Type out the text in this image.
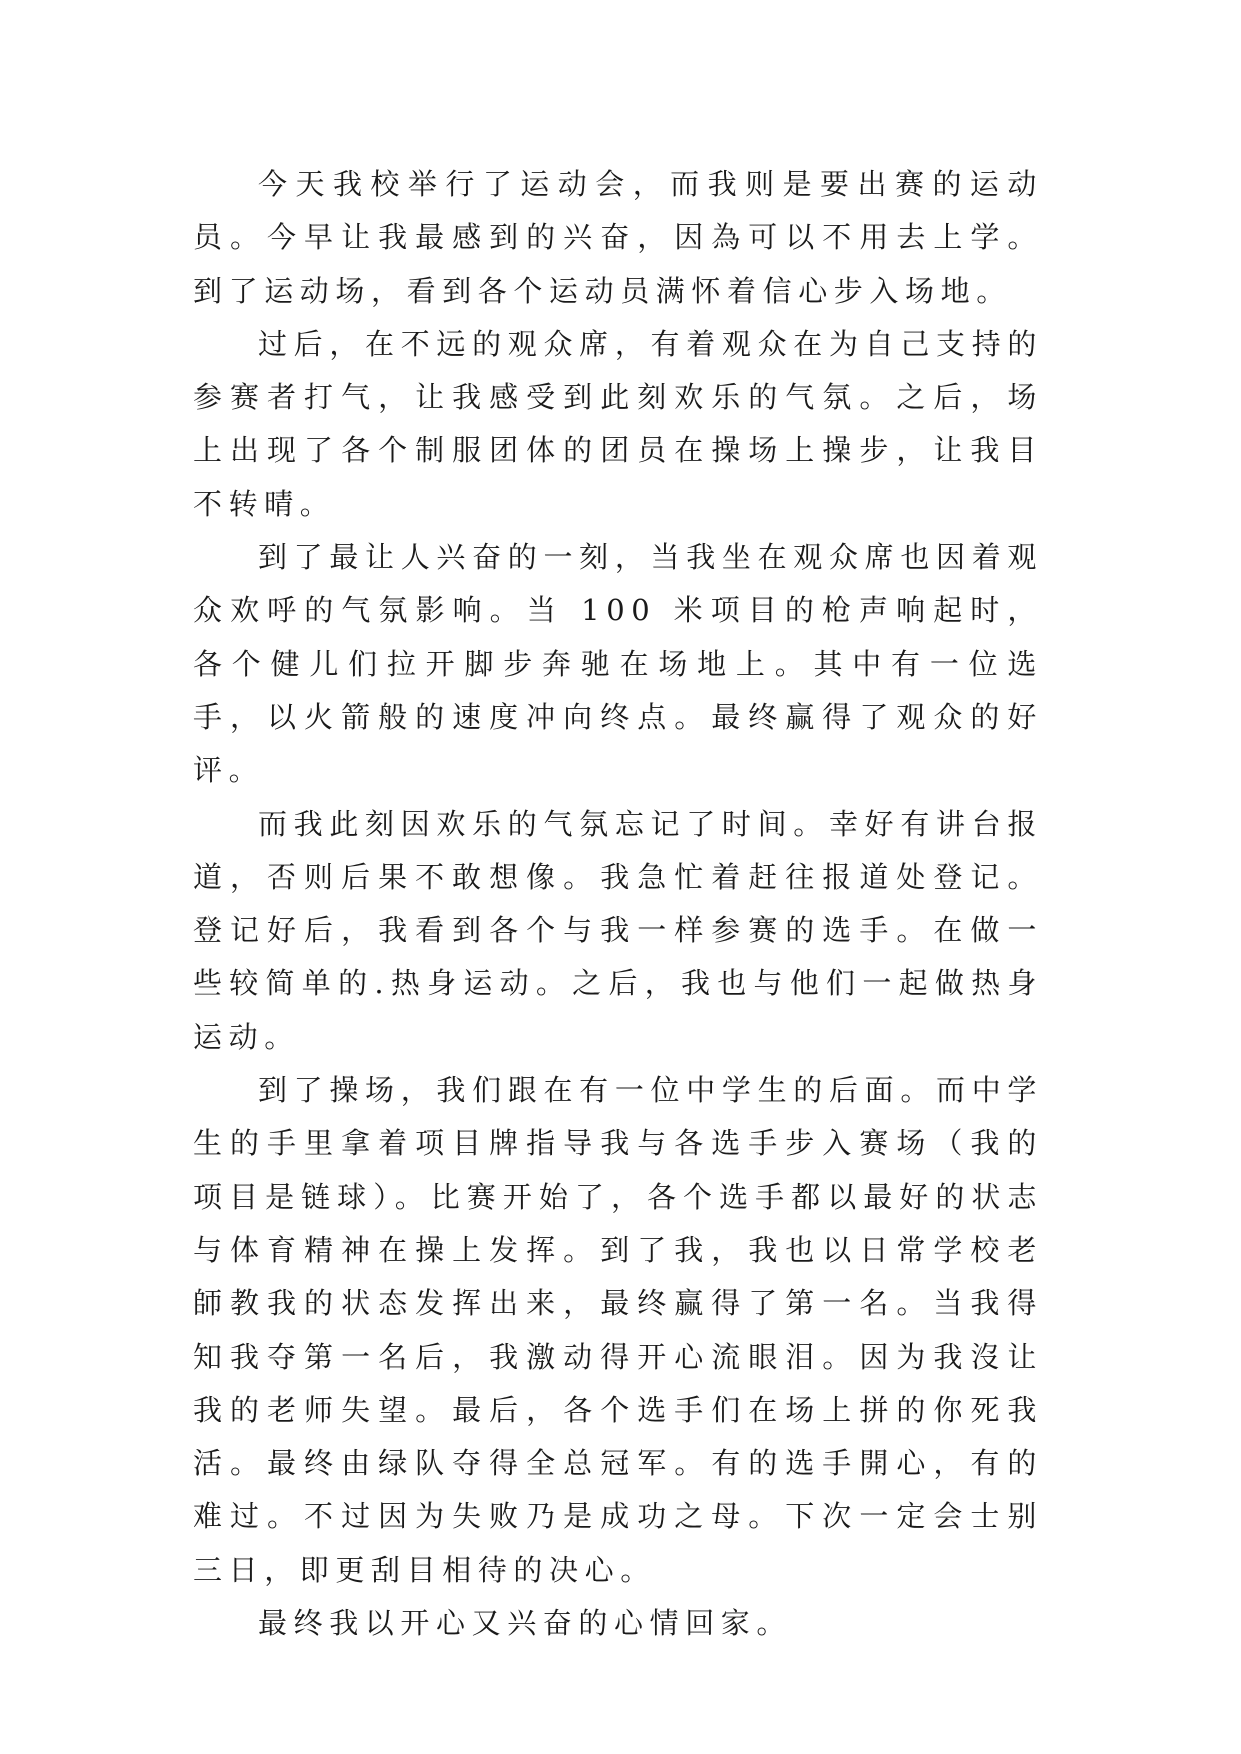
今天我校举行了运动会，而我则是要出赛的运动员。今早让我最感到的兴奋，因為可以不用去上学。到了运动场，看到各个运动员满怀着信心步入场地。

过后，在不远的观众席，有着观众在为自己支持的参赛者打气，让我感受到此刻欢乐的气氛。之后，场上出现了各个制服团体的团员在操场上操步，让我目不转晴。

到了最让人兴奋的一刻，当我坐在观众席也因着观众欢呼的气氛影响。当 100 米项目的枪声响起时，各个健儿们拉开脚步奔驰在场地上。其中有一位选手，以火箭般的速度冲向终点。最终赢得了观众的好评。

而我此刻因欢乐的气氛忘记了时间。幸好有讲台报道，否则后果不敢想像。我急忙着赶往报道处登记。登记好后，我看到各个与我一样参赛的选手。在做一些较简单的.热身运动。之后，我也与他们一起做热身运动。

到了操场，我们跟在有一位中学生的后面。而中学生的手里拿着项目牌指导我与各选手步入赛场（我的项目是链球）。比赛开始了，各个选手都以最好的状志与体育精神在操上发挥。到了我，我也以日常学校老師教我的状态发挥出来，最终赢得了第一名。当我得知我夺第一名后，我激动得开心流眼泪。因为我沒让我的老师失望。最后，各个选手们在场上拼的你死我活。最终由绿队夺得全总冠军。有的选手開心，有的难过。不过因为失败乃是成功之母。下次一定会士别三日，即更刮目相待的决心。

最终我以开心又兴奋的心情回家。
